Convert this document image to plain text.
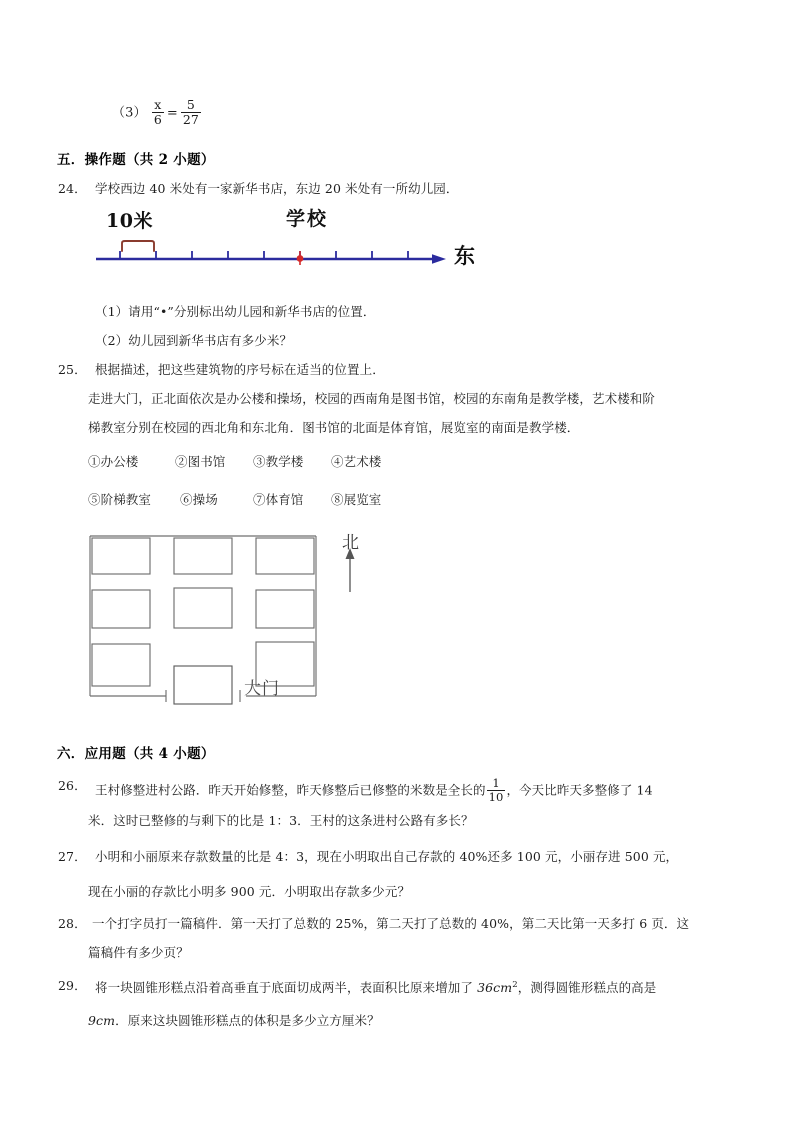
$(3) \frac{x}{6} = \frac{5}{27}$
五．操作题（共 2 小题）
24． 学校西边 40 米处有一家新华书店，东边 20 米处有一所幼儿园．
10米	学校
东
（1）请用“•”分别标出幼儿园和新华书店的位置．
（2）幼儿园到新华书店有多少米？
25． 根据描述，把这些建筑物的序号标在适当的位置上．
走进大门，正北面依次是办公楼和操场，校园的西南角是图书馆，校园的东南角是教学楼，艺术楼和阶
梯教室分别在校园的西北角和东北角．图书馆的北面是体育馆，展览室的南面是教学楼．
①办公楼	②图书馆 ③教学楼 ④艺术楼
⑤阶梯教室 ⑥操场	⑦体育馆 ⑧展览室
北
大门
六．应用题（共 4 小题）
26． 王村修整进村公路．昨天开始修整，昨天修整后已修整的米数是全长的 $\frac{1}{10}$ ，今天比昨天多整修了 14
米．这时已整修的与剩下的比是 1：3．王村的这条进村公路有多长？
27． 小明和小丽原来存款数量的比是 4：3，现在小明取出自己存款的 40%还多 100 元，小丽存进 500 元，
现在小丽的存款比小明多 900 元．小明取出存款多少元？
28． 一个打字员打一篇稿件．第一天打了总数的 25%，第二天打了总数的 40%，第二天比第一天多打 6 页．这
篇稿件有多少页？
29． 将一块圆锥形糕点沿着高垂直于底面切成两半，表面积比原来增加了 $36cm^2$，测得圆锥形糕点的高是
9cm．原来这块圆锥形糕点的体积是多少立方厘米？
